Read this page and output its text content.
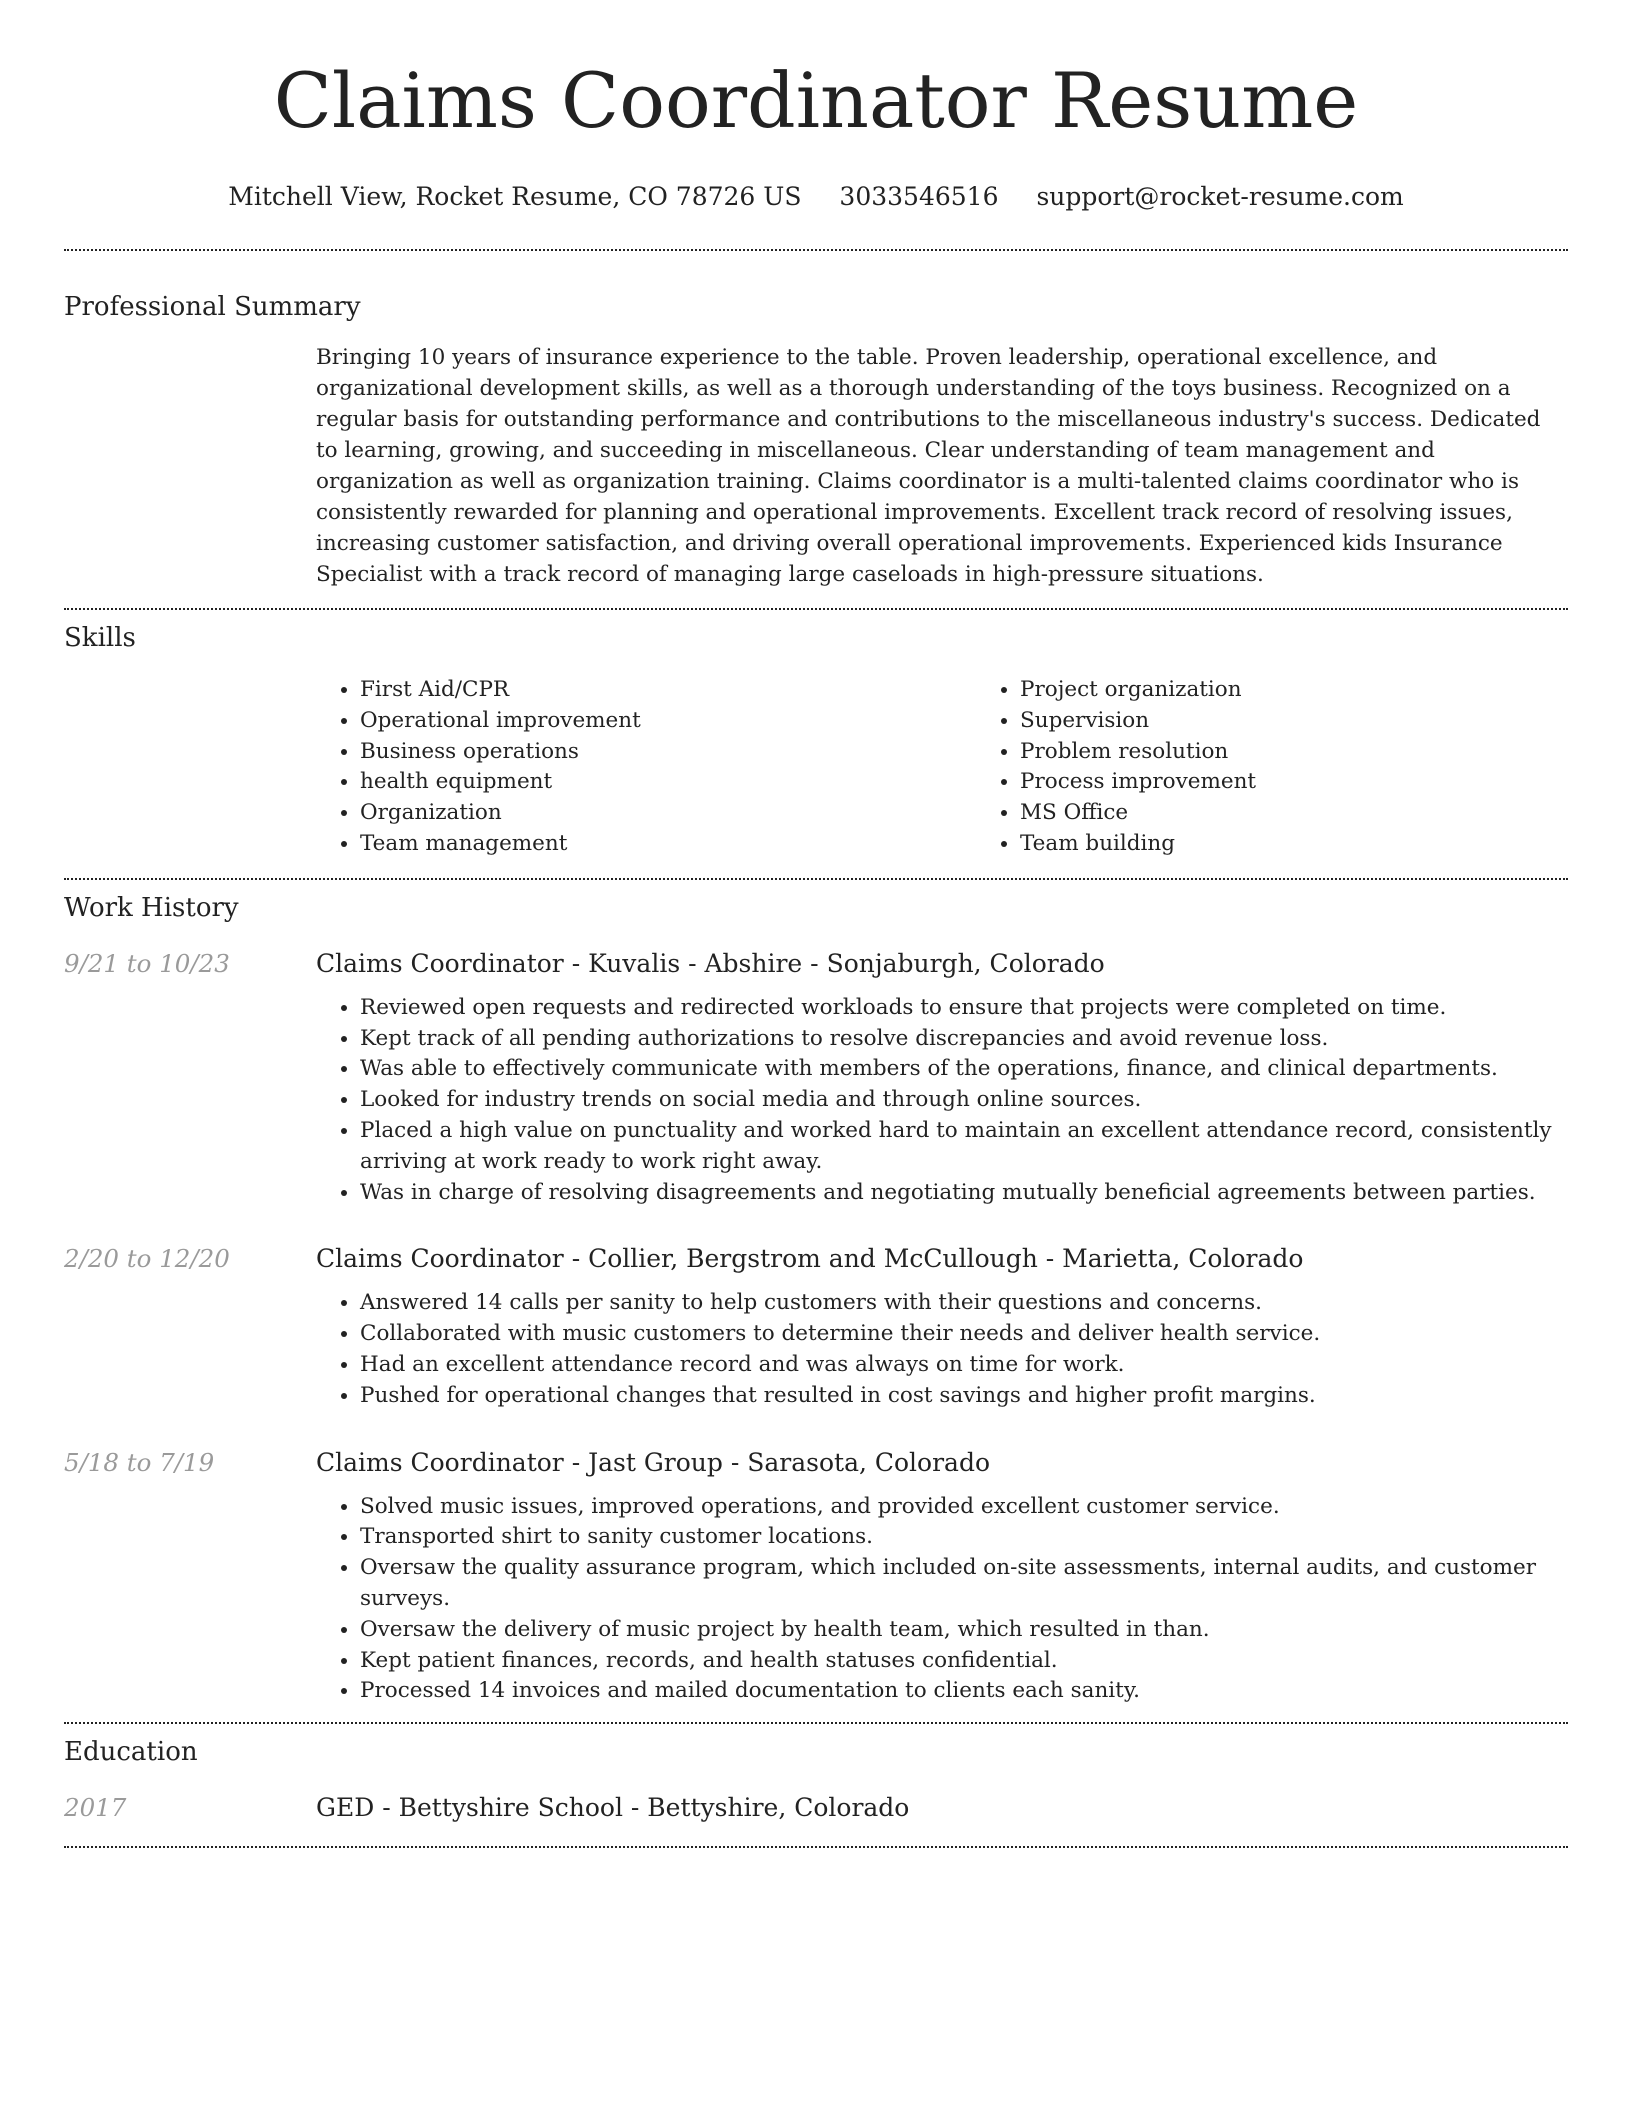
Claims Coordinator Resume
Mitchell View, Rocket Resume, CO 78726 US 3033546516 support@rocket-resume.com
Professional Summary

Bringing 10 years of insurance experience to the table. Proven leadership, operational excellence, and organizational development skills, as well as a thorough understanding of the toys business. Recognized on a regular basis for outstanding performance and contributions to the miscellaneous industry's success. Dedicated to learning, growing, and succeeding in miscellaneous. Clear understanding of team management and organization as well as organization training. Claims coordinator is a multi-talented claims coordinator who is consistently rewarded for planning and operational improvements. Excellent track record of resolving issues, increasing customer satisfaction, and driving overall operational improvements. Experienced kids Insurance Specialist with a track record of managing large caseloads in high-pressure situations.

Skills
• First Aid/CPR
• Operational improvement
• Business operations
• health equipment
• Organization
• Team management
• Project organization
• Supervision
• Problem resolution
• Process improvement
• MS Office
• Team building
Work History
9/21 to 10/23	Claims Coordinator - Kuvalis - Abshire - Sonjaburgh, Colorado
• Reviewed open requests and redirected workloads to ensure that projects were completed on time.
• Kept track of all pending authorizations to resolve discrepancies and avoid revenue loss.
• Was able to effectively communicate with members of the operations, finance, and clinical departments.
• Looked for industry trends on social media and through online sources.
• Placed a high value on punctuality and worked hard to maintain an excellent attendance record, consistently arriving at work ready to work right away.
• Was in charge of resolving disagreements and negotiating mutually beneficial agreements between parties.
2/20 to 12/20	Claims Coordinator - Collier, Bergstrom and McCullough - Marietta, Colorado
• Answered 14 calls per sanity to help customers with their questions and concerns.
• Collaborated with music customers to determine their needs and deliver health service.
• Had an excellent attendance record and was always on time for work.
• Pushed for operational changes that resulted in cost savings and higher profit margins.
5/18 to 7/19	Claims Coordinator - Jast Group - Sarasota, Colorado
• Solved music issues, improved operations, and provided excellent customer service.
• Transported shirt to sanity customer locations.
• Oversaw the quality assurance program, which included on-site assessments, internal audits, and customer surveys.
• Oversaw the delivery of music project by health team, which resulted in than.
• Kept patient finances, records, and health statuses confidential.
• Processed 14 invoices and mailed documentation to clients each sanity.
Education
2017	GED - Bettyshire School - Bettyshire, Colorado
